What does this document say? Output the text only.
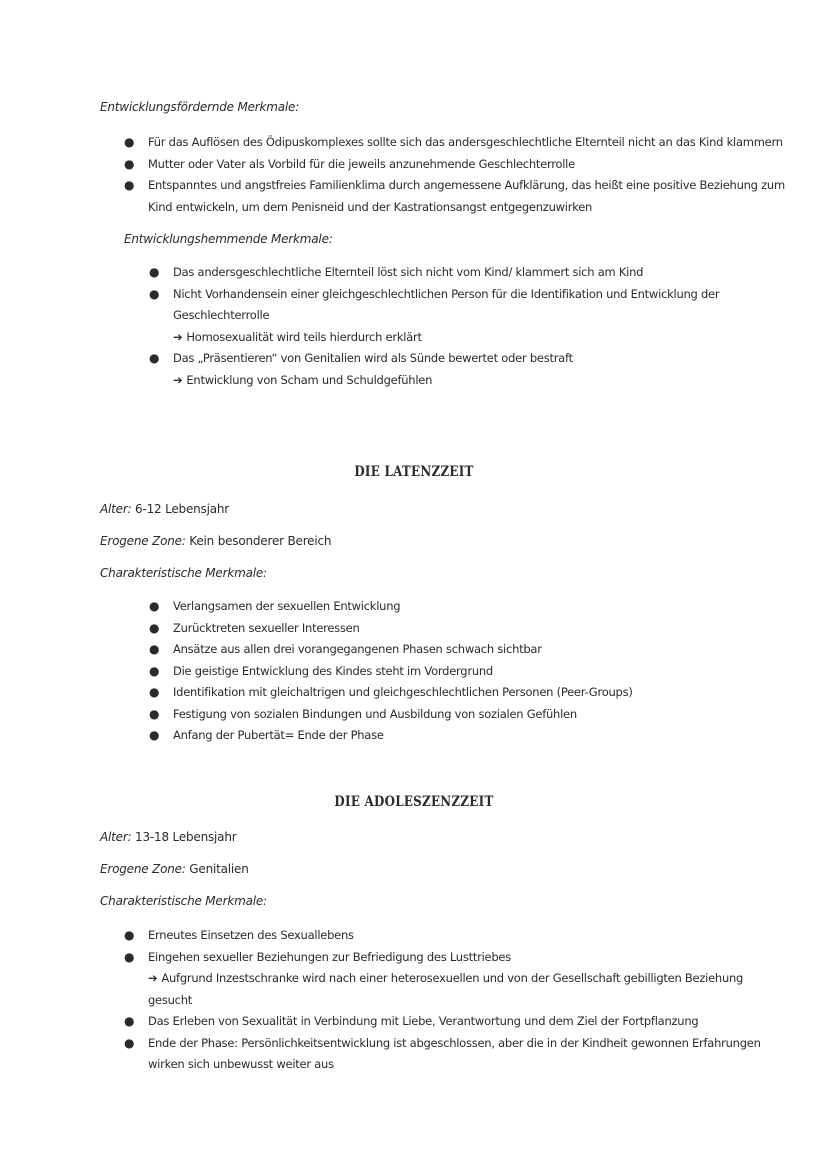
Entwicklungsfördernde Merkmale:
● Für das Auflösen des Ödipuskomplexes sollte sich das andersgeschlechtliche Elternteil nicht an das Kind klammern
● Mutter oder Vater als Vorbild für die jeweils anzunehmende Geschlechterrolle
● Entspanntes und angstfreies Familienklima durch angemessene Aufklärung, das heißt eine positive Beziehung zum
Kind entwickeln, um dem Penisneid und der Kastrationsangst entgegenzuwirken
Entwicklungshemmende Merkmale:
● Das andersgeschlechtliche Elternteil löst sich nicht vom Kind/ klammert sich am Kind
● Nicht Vorhandensein einer gleichgeschlechtlichen Person für die Identifikation und Entwicklung der
Geschlechterrolle
➔ Homosexualität wird teils hierdurch erklärt
● Das „Präsentieren“ von Genitalien wird als Sünde bewertet oder bestraft
➔ Entwicklung von Scham und Schuldgefühlen
DIE LATENZZEIT
Alter: 6-12 Lebensjahr
Erogene Zone: Kein besonderer Bereich
Charakteristische Merkmale:
● Verlangsamen der sexuellen Entwicklung
● Zurücktreten sexueller Interessen
● Ansätze aus allen drei vorangegangenen Phasen schwach sichtbar
● Die geistige Entwicklung des Kindes steht im Vordergrund
● Identifikation mit gleichaltrigen und gleichgeschlechtlichen Personen (Peer-Groups)
● Festigung von sozialen Bindungen und Ausbildung von sozialen Gefühlen
● Anfang der Pubertät= Ende der Phase
DIE ADOLESZENZZEIT
Alter: 13-18 Lebensjahr
Erogene Zone: Genitalien
Charakteristische Merkmale:
● Erneutes Einsetzen des Sexuallebens
● Eingehen sexueller Beziehungen zur Befriedigung des Lusttriebes
➔ Aufgrund Inzestschranke wird nach einer heterosexuellen und von der Gesellschaft gebilligten Beziehung
gesucht
● Das Erleben von Sexualität in Verbindung mit Liebe, Verantwortung und dem Ziel der Fortpflanzung
● Ende der Phase: Persönlichkeitsentwicklung ist abgeschlossen, aber die in der Kindheit gewonnen Erfahrungen
wirken sich unbewusst weiter aus
